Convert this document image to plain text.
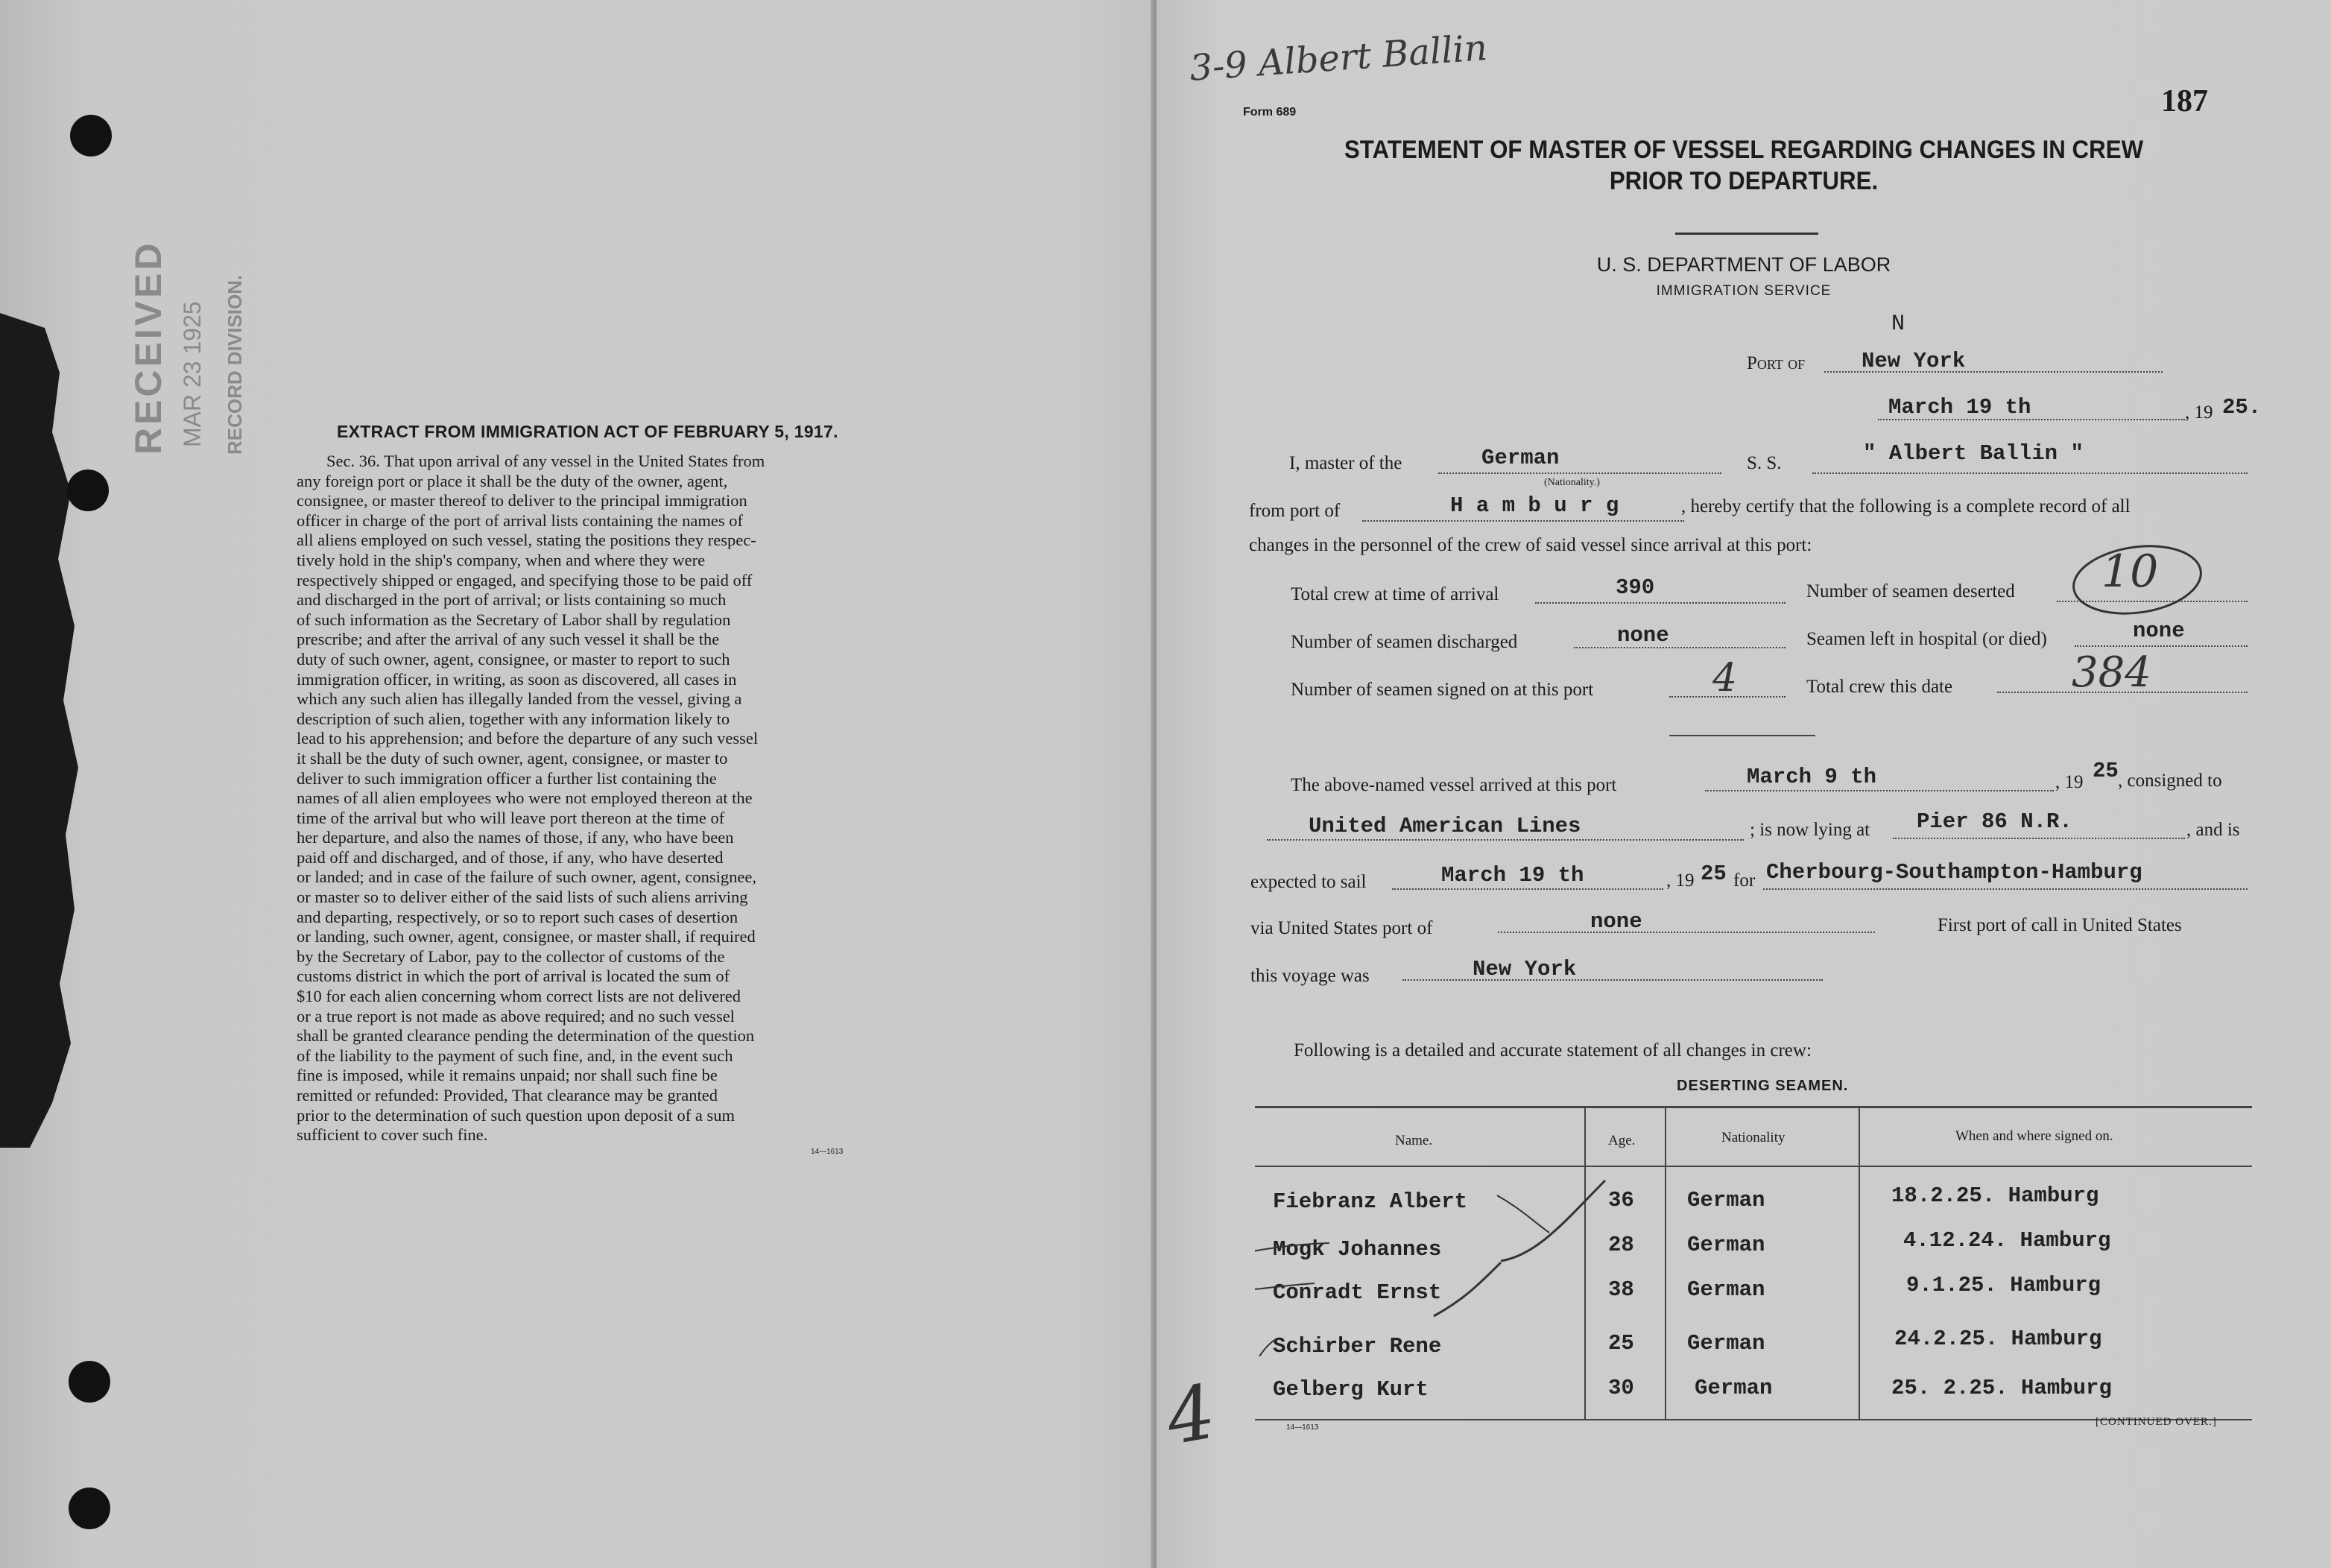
RECEIVED MAR 23 1925 RECORD DIVISION.	EXTRACT FROM IMMIGRATION ACT OF FEBRUARY 5, 1917.
Sec. 36. That upon arrival of any vessel in the United States from
any foreign port or place it shall be the duty of the owner, agent,
consignee, or master thereof to deliver to the principal immigration
officer in charge of the port of arrival lists containing the names of
all aliens employed on such vessel, stating the positions they respec-
tively hold in the ship's company, when and where they were
respectively shipped or engaged, and specifying those to be paid off
and discharged in the port of arrival; or lists containing so much
of such information as the Secretary of Labor shall by regulation
prescribe; and after the arrival of any such vessel it shall be the
duty of such owner, agent, consignee, or master to report to such
immigration officer, in writing, as soon as discovered, all cases in
which any such alien has illegally landed from the vessel, giving a
description of such alien, together with any information likely to
lead to his apprehension; and before the departure of any such vessel
it shall be the duty of such owner, agent, consignee, or master to
deliver to such immigration officer a further list containing the
names of all alien employees who were not employed thereon at the
time of the arrival but who will leave port thereon at the time of
her departure, and also the names of those, if any, who have been
paid off and discharged, and of those, if any, who have deserted
or landed; and in case of the failure of such owner, agent, consignee,
or master so to deliver either of the said lists of such aliens arriving
and departing, respectively, or so to report such cases of desertion
or landing, such owner, agent, consignee, or master shall, if required
by the Secretary of Labor, pay to the collector of customs of the
customs district in which the port of arrival is located the sum of
$10 for each alien concerning whom correct lists are not delivered
or a true report is not made as above required; and no such vessel
shall be granted clearance pending the determination of the question
of the liability to the payment of such fine, and, in the event such
fine is imposed, while it remains unpaid; nor shall such fine be
remitted or refunded: Provided, That clearance may be granted
prior to the determination of such question upon deposit of a sum
sufficient to cover such fine.
14—1613
3-9 Albert Ballin
Form 689	187
STATEMENT OF MASTER OF VESSEL REGARDING CHANGES IN CREW
PRIOR TO DEPARTURE.
U. S. DEPARTMENT OF LABOR
IMMIGRATION SERVICE
N
Port of	New York
March 19 th	, 19 25.
I, master of the	German
(Nationality.)
S. S.	" Albert Ballin "
from port of	H a m b u r g	, hereby certify that the following is a complete record of all
changes in the personnel of the crew of said vessel since arrival at this port:
Total crew at time of arrival	390	Number of seamen deserted 10
Number of seamen discharged	none	Seamen left in hospital (or died)	none
Number of seamen signed on at this port	4	Total crew this date	384
The above-named vessel arrived at this port	March 9 th	, 19 25 , consigned to
United American Lines	; is now lying at Pier 86 N.R.	, and is
expected to sail	March 19 th	, 19 25 for Cherbourg-Southampton-Hamburg
via United States port of	none	First port of call in United States
this voyage was	New York
Following is a detailed and accurate statement of all changes in crew:
DESERTING SEAMEN.
Name.	Age.	Nationality	When and where signed on.
Fiebranz Albert	36 German	18.2.25. Hamburg
Mogk Johannes	28 German	4.12.24. Hamburg
Conradt Ernst	38 German	9.1.25. Hamburg
Schirber Rene	25 German	24.2.25. Hamburg
Gelberg Kurt	30	German	25. 2.25. Hamburg
4	14—1613	[CONTINUED OVER.]
